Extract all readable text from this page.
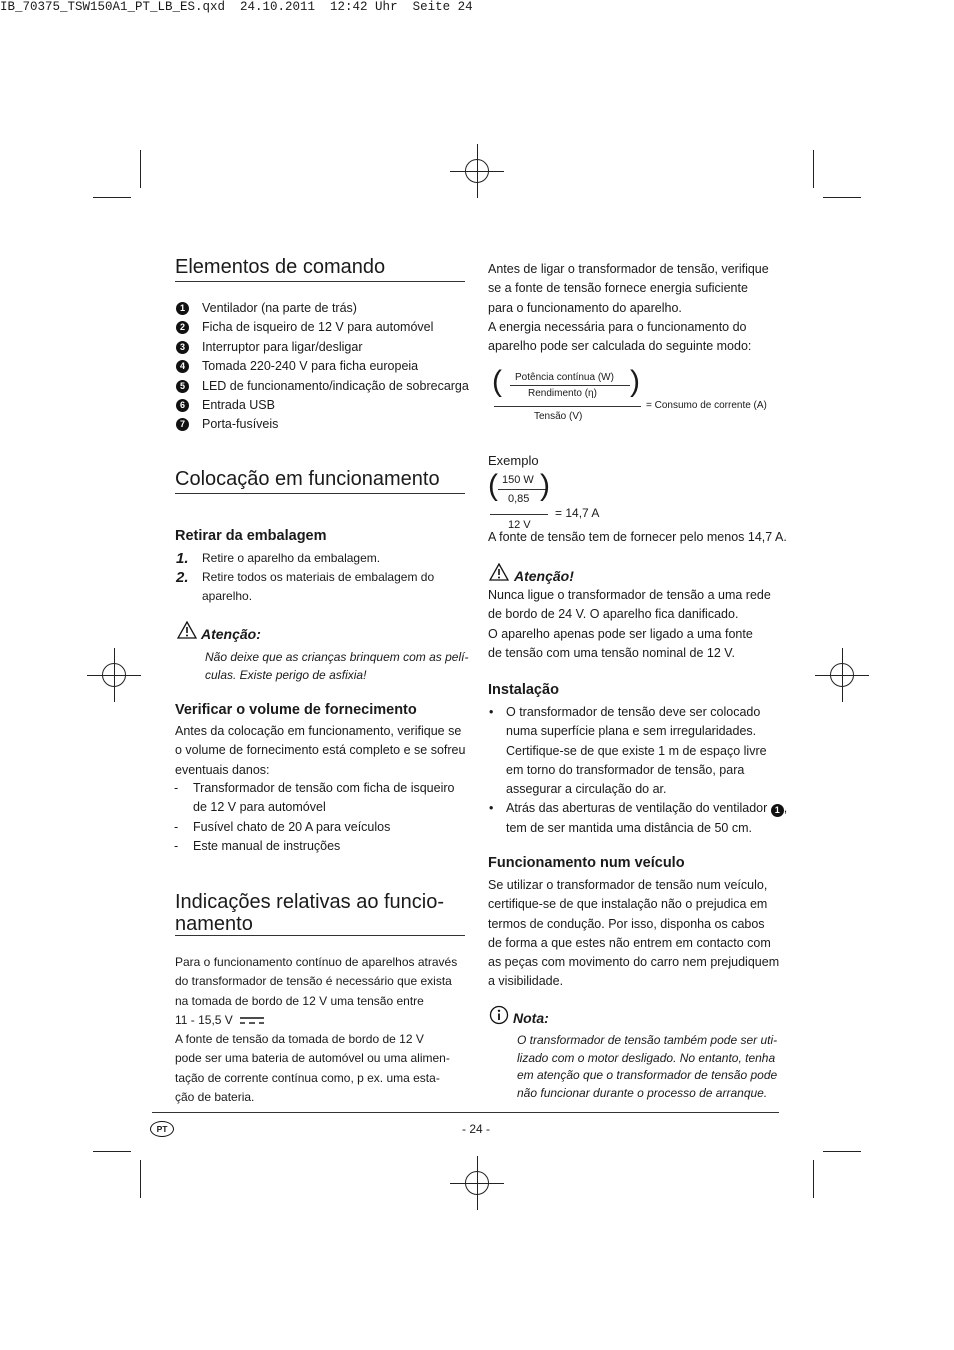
IB_70375_TSW150A1_PT_LB_ES.qxd  24.10.2011  12:42 Uhr  Seite 24
Elementos de comando
1	Ventilador (na parte de trás)
2	Ficha de isqueiro de 12 V para automóvel
3	Interruptor para ligar/desligar
4	Tomada 220-240 V para ficha europeia
5	LED de funcionamento/indicação de sobrecarga
6	Entrada USB
7	Porta-fusíveis
Colocação em funcionamento
Retirar da embalagem
1. Retire o aparelho da embalagem.
2. Retire todos os materiais de embalagem do
aparelho.
Atenção:
Não deixe que as crianças brinquem com as pelí-
culas. Existe perigo de asfixia!
Verificar o volume de fornecimento
Antes da colocação em funcionamento, verifique se
o volume de fornecimento está completo e se sofreu
eventuais danos:
- Transformador de tensão com ficha de isqueiro
de 12 V para automóvel
- Fusível chato de 20 A para veículos
- Este manual de instruções
Indicações relativas ao funcio-
namento
Para o funcionamento contínuo de aparelhos através
do transformador de tensão é necessário que exista
na tomada de bordo de 12 V uma tensão entre
11 - 15,5 V
A fonte de tensão da tomada de bordo de 12 V
pode ser uma bateria de automóvel ou uma alimen-
tação de corrente contínua como, p ex. uma esta-
ção de bateria.
Antes de ligar o transformador de tensão, verifique
se a fonte de tensão fornece energia suficiente
para o funcionamento do aparelho.
A energia necessária para o funcionamento do
aparelho pode ser calculada do seguinte modo:
( Potência contínua (W)
Rendimento (η) )
Tensão (V)
= Consumo de corrente (A)
Exemplo
( 150 W
0,85 )
12 V
= 14,7 A
A fonte de tensão tem de fornecer pelo menos 14,7 A.
Atenção!
Nunca ligue o transformador de tensão a uma rede
de bordo de 24 V. O aparelho fica danificado.
O aparelho apenas pode ser ligado a uma fonte
de tensão com uma tensão nominal de 12 V.
Instalação
• O transformador de tensão deve ser colocado
numa superfície plana e sem irregularidades.
Certifique-se de que existe 1 m de espaço livre
em torno do transformador de tensão, para
assegurar a circulação do ar.
• Atrás das aberturas de ventilação do ventilador 1 ,
tem de ser mantida uma distância de 50 cm.
Funcionamento num veículo
Se utilizar o transformador de tensão num veículo,
certifique-se de que instalação não o prejudica em
termos de condução. Por isso, disponha os cabos
de forma a que estes não entrem em contacto com
as peças com movimento do carro nem prejudiquem
a visibilidade.
Nota:
O transformador de tensão também pode ser uti-
lizado com o motor desligado. No entanto, tenha
em atenção que o transformador de tensão pode
não funcionar durante o processo de arranque.
PT	- 24 -
